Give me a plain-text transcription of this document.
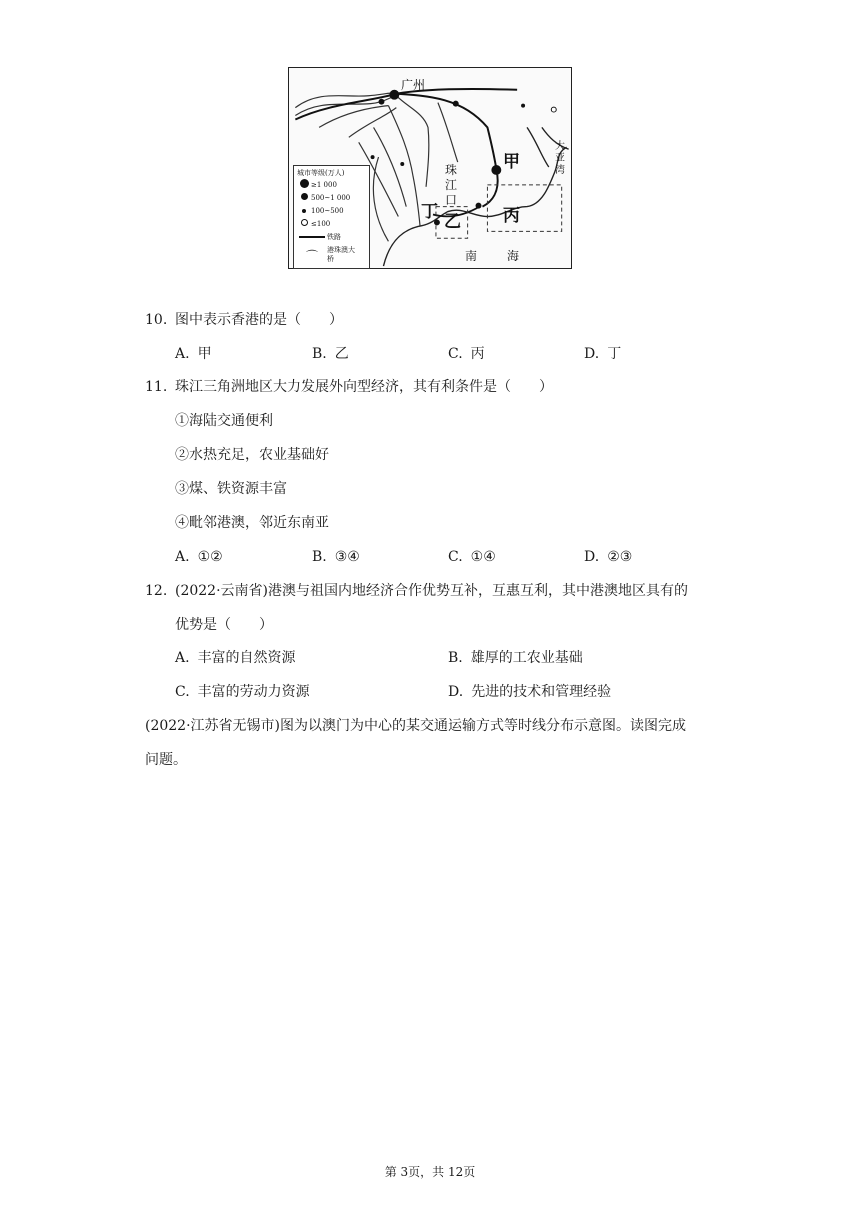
广州
甲
乙 丙
丁
珠
江
口
大
亚
湾
南 海
城市等级(万人)
≥1 000
500~1 000
100~500
≤100
铁路
⌒	港珠澳大桥
10. 图中表示香港的是（　　）
A. 甲	B. 乙	C. 丙	D. 丁
11. 珠江三角洲地区大力发展外向型经济，其有利条件是（　　）
①海陆交通便利
②水热充足，农业基础好
③煤、铁资源丰富
④毗邻港澳，邻近东南亚
A. ①②	B. ③④	C. ①④	D. ②③
12. (2022·云南省)港澳与祖国内地经济合作优势互补，互惠互利，其中港澳地区具有的
优势是（　　）
A. 丰富的自然资源	B. 雄厚的工农业基础
C. 丰富的劳动力资源	D. 先进的技术和管理经验
(2022·江苏省无锡市)图为以澳门为中心的某交通运输方式等时线分布示意图。读图完成
问题。
第 3页，共 12页
